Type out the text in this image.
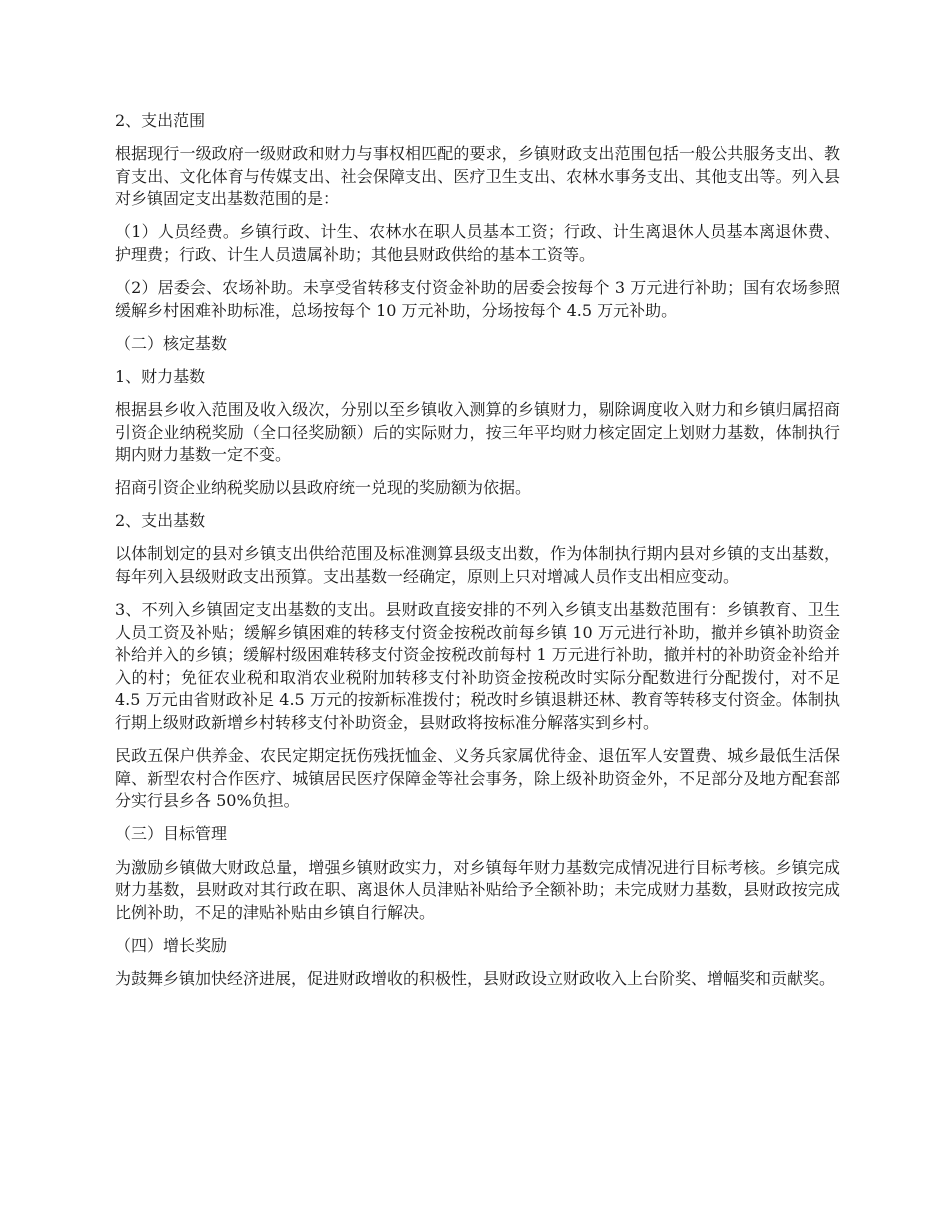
2、支出范围

根据现行一级政府一级财政和财力与事权相匹配的要求，乡镇财政支出范围包括一般公共服务支出、教育支出、文化体育与传媒支出、社会保障支出、医疗卫生支出、农林水事务支出、其他支出等。列入县对乡镇固定支出基数范围的是：

（1）人员经费。乡镇行政、计生、农林水在职人员基本工资；行政、计生离退休人员基本离退休费、护理费；行政、计生人员遗属补助；其他县财政供给的基本工资等。

（2）居委会、农场补助。未享受省转移支付资金补助的居委会按每个 3 万元进行补助；国有农场参照缓解乡村困难补助标准，总场按每个 10 万元补助，分场按每个 4.5 万元补助。

（二）核定基数

1、财力基数

根据县乡收入范围及收入级次，分别以至乡镇收入测算的乡镇财力，剔除调度收入财力和乡镇归属招商引资企业纳税奖励（全口径奖励额）后的实际财力，按三年平均财力核定固定上划财力基数，体制执行期内财力基数一定不变。

招商引资企业纳税奖励以县政府统一兑现的奖励额为依据。

2、支出基数

以体制划定的县对乡镇支出供给范围及标准测算县级支出数，作为体制执行期内县对乡镇的支出基数，每年列入县级财政支出预算。支出基数一经确定，原则上只对增减人员作支出相应变动。

3、不列入乡镇固定支出基数的支出。县财政直接安排的不列入乡镇支出基数范围有：乡镇教育、卫生人员工资及补贴；缓解乡镇困难的转移支付资金按税改前每乡镇 10 万元进行补助，撤并乡镇补助资金补给并入的乡镇；缓解村级困难转移支付资金按税改前每村 1 万元进行补助，撤并村的补助资金补给并入的村；免征农业税和取消农业税附加转移支付补助资金按税改时实际分配数进行分配拨付，对不足 4.5 万元由省财政补足 4.5 万元的按新标准拨付；税改时乡镇退耕还林、教育等转移支付资金。体制执行期上级财政新增乡村转移支付补助资金，县财政将按标准分解落实到乡村。

民政五保户供养金、农民定期定抚伤残抚恤金、义务兵家属优待金、退伍军人安置费、城乡最低生活保障、新型农村合作医疗、城镇居民医疗保障金等社会事务，除上级补助资金外，不足部分及地方配套部分实行县乡各 50%负担。

（三）目标管理

为激励乡镇做大财政总量，增强乡镇财政实力，对乡镇每年财力基数完成情况进行目标考核。乡镇完成财力基数，县财政对其行政在职、离退休人员津贴补贴给予全额补助；未完成财力基数，县财政按完成比例补助，不足的津贴补贴由乡镇自行解决。

（四）增长奖励

为鼓舞乡镇加快经济进展，促进财政增收的积极性，县财政设立财政收入上台阶奖、增幅奖和贡献奖。
